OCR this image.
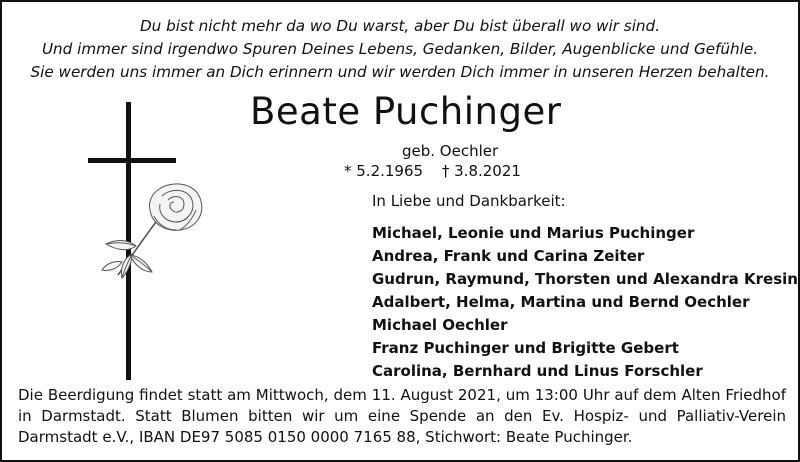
Du bist nicht mehr da wo Du warst, aber Du bist überall wo wir sind.
Und immer sind irgendwo Spuren Deines Lebens, Gedanken, Bilder, Augenblicke und Gefühle.
Sie werden uns immer an Dich erinnern und wir werden Dich immer in unseren Herzen behalten.
Beate Puchinger
geb. Oechler
* 5.2.1965 † 3.8.2021
In Liebe und Dankbarkeit:
Michael, Leonie und Marius Puchinger
Andrea, Frank und Carina Zeiter
Gudrun, Raymund, Thorsten und Alexandra Kresin
Adalbert, Helma, Martina und Bernd Oechler
Michael Oechler
Franz Puchinger und Brigitte Gebert
Carolina, Bernhard und Linus Forschler
Die Beerdigung findet statt am Mittwoch, dem 11. August 2021, um 13:00 Uhr auf dem Alten Friedhof
in Darmstadt. Statt Blumen bitten wir um eine Spende an den Ev. Hospiz- und Palliativ-Verein
Darmstadt e.V., IBAN DE97 5085 0150 0000 7165 88, Stichwort: Beate Puchinger.
